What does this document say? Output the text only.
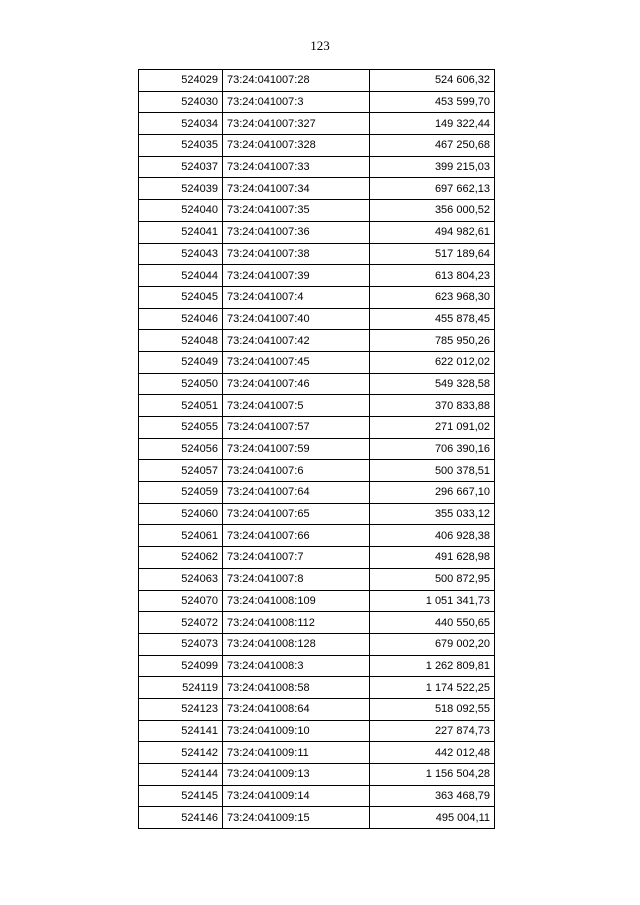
123
524029	73:24:041007:28	524 606,32
524030	73:24:041007:3	453 599,70
524034	73:24:041007:327	149 322,44
524035	73:24:041007:328	467 250,68
524037	73:24:041007:33	399 215,03
524039	73:24:041007:34	697 662,13
524040	73:24:041007:35	356 000,52
524041	73:24:041007:36	494 982,61
524043	73:24:041007:38	517 189,64
524044	73:24:041007:39	613 804,23
524045	73:24:041007:4	623 968,30
524046	73:24:041007:40	455 878,45
524048	73:24:041007:42	785 950,26
524049	73:24:041007:45	622 012,02
524050	73:24:041007:46	549 328,58
524051	73:24:041007:5	370 833,88
524055	73:24:041007:57	271 091,02
524056	73:24:041007:59	706 390,16
524057	73:24:041007:6	500 378,51
524059	73:24:041007:64	296 667,10
524060	73:24:041007:65	355 033,12
524061	73:24:041007:66	406 928,38
524062	73:24:041007:7	491 628,98
524063	73:24:041007:8	500 872,95
524070	73:24:041008:109	1 051 341,73
524072	73:24:041008:112	440 550,65
524073	73:24:041008:128	679 002,20
524099	73:24:041008:3	1 262 809,81
524119	73:24:041008:58	1 174 522,25
524123	73:24:041008:64	518 092,55
524141	73:24:041009:10	227 874,73
524142	73:24:041009:11	442 012,48
524144	73:24:041009:13	1 156 504,28
524145	73:24:041009:14	363 468,79
524146	73:24:041009:15	495 004,11
